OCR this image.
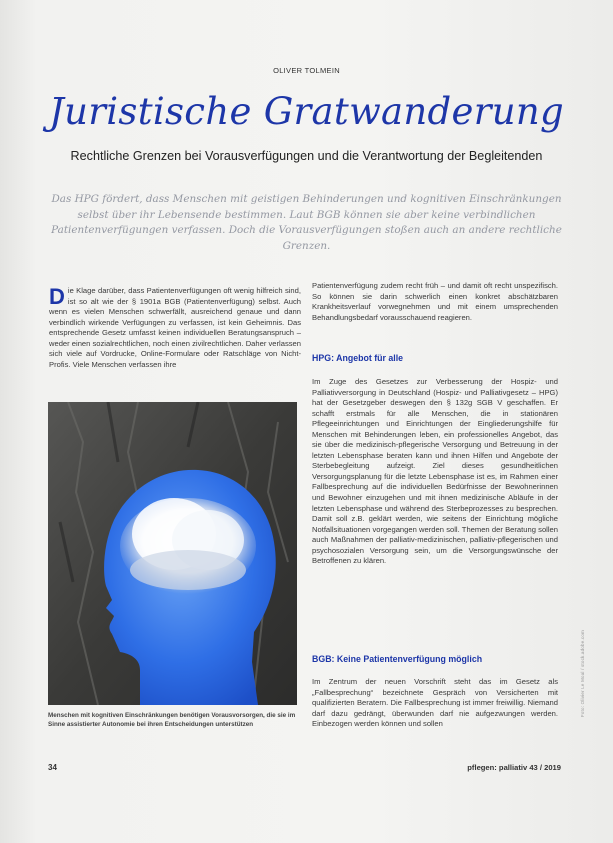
OLIVER TOLMEIN
Juristische Gratwanderung
Rechtliche Grenzen bei Vorausverfügungen und die Verantwortung der Begleitenden
Das HPG fördert, dass Menschen mit geistigen Behinderungen und kognitiven Einschränkungen selbst über ihr Lebensende bestimmen. Laut BGB können sie aber keine verbindlichen Patientenverfügungen verfassen. Doch die Vorausverfügungen stoßen auch an andere rechtliche Grenzen.
Die Klage darüber, dass Patientenverfügungen oft wenig hilfreich sind, ist so alt wie der § 1901a BGB (Patientenverfügung) selbst. Auch wenn es vielen Menschen schwerfällt, ausreichend genaue und dann verbindlich wirkende Verfügungen zu verfassen, ist kein Geheimnis. Das entsprechende Gesetz umfasst keinen individuellen Beratungsanspruch – weder einen sozialrechtlichen, noch einen zivilrechtlichen. Daher verlassen sich viele auf Vordrucke, Online-Formulare oder Ratschläge von Nicht-Profis. Viele Menschen verfassen ihre
Menschen mit kognitiven Einschränkungen benötigen Vorausvorsorgen, die sie im Sinne assistierter Autonomie bei ihren Entscheidungen unterstützen
Patientenverfügung zudem recht früh – und damit oft recht unspezifisch. So können sie darin schwerlich einen konkret abschätzbaren Krankheitsverlauf vorwegnehmen und mit einem umsprechenden Behandlungsbedarf vorausschauend reagieren.
HPG: Angebot für alle
Im Zuge des Gesetzes zur Verbesserung der Hospiz- und Palliativversorgung in Deutschland (Hospiz- und Palliativgesetz – HPG) hat der Gesetzgeber deswegen den § 132g SGB V geschaffen. Er schafft erstmals für alle Menschen, die in stationären Pflegeeinrichtungen und Einrichtungen der Eingliederungshilfe für Menschen mit Behinderungen leben, ein professionelles Angebot, das sie über die medizinisch-pflegerische Versorgung und Betreuung in der letzten Lebensphase beraten kann und ihnen Hilfen und Angebote der Sterbebegleitung aufzeigt. Ziel dieses gesundheitlichen Versorgungsplanung für die letzte Lebensphase ist es, im Rahmen einer Fallbesprechung auf die individuellen Bedürfnisse der Bewohnerinnen und Bewohner einzugehen und mit ihnen medizinische Abläufe in der letzten Lebensphase und während des Sterbeprozesses zu besprechen. Damit soll z.B. geklärt werden, wie seitens der Einrichtung mögliche Notfallsituationen vorgegangen werden soll. Themen der Beratung sollen auch Maßnahmen der palliativ-medizinischen, palliativ-pflegerischen und psychosozialen Versorgung sein, um die Versorgungswünsche der Betroffenen zu klären.
BGB: Keine Patientenverfügung möglich
Im Zentrum der neuen Vorschrift steht das im Gesetz als „Fallbesprechung“ bezeichnete Gespräch von Versicherten mit qualifizierten Beratern. Die Fallbesprechung ist immer freiwillig. Niemand darf dazu gedrängt, überwunden darf nie aufgezwungen werden. Einbezogen werden können und sollen
Foto: Olivier Le Moal / stock.adobe.com
34	pflegen: palliativ 43 / 2019
